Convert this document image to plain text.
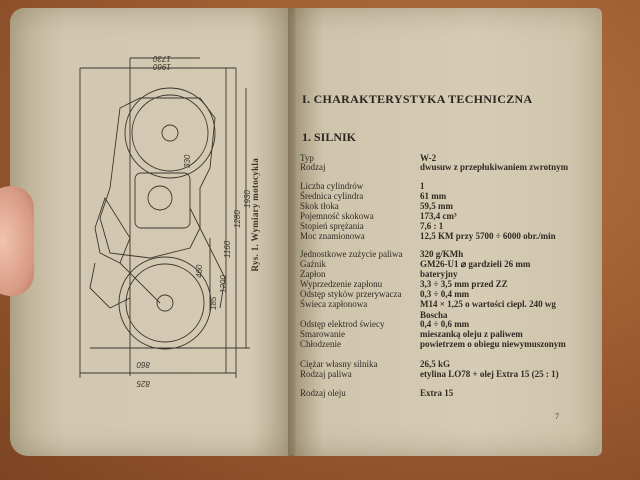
1960
1730
1280
1160
860
460
1930
825
185
330
1200
Rys. 1. Wymiary motocykla
I. CHARAKTERYSTYKA TECHNICZNA
1. SILNIK
Typ	W-2
Rodzaj	dwusuw z przepłukiwaniem zwrotnym
Liczba cylindrów	1
Średnica cylindra	61 mm
Skok tłoka	59,5 mm
Pojemność skokowa	173,4 cm³
Stopień sprężania	7,6 : 1
Moc znamionowa	12,5 KM przy 5700 ÷ 6000 obr./min
Jednostkowe zużycie paliwa 320 g/KMh
Gaźnik	GM26-U1 ⌀ gardzieli 26 mm
Zapłon	bateryjny
Wyprzedzenie zapłonu	3,3 ÷ 3,5 mm przed ZZ
Odstęp styków przerywacza 0,3 ÷ 0,4 mm
Świeca zapłonowa	M14 × 1,25 o wartości ciepl. 240 wg Boscha
Odstęp elektrod świecy	0,4 ÷ 0,6 mm
Smarowanie	mieszanką oleju z paliwem
Chłodzenie	powietrzem o obiegu niewymuszonym
Ciężar własny silnika	26,5 kG
Rodzaj paliwa	etylina LO78 + olej Extra 15 (25 : 1)
Rodzaj oleju	Extra 15
7
